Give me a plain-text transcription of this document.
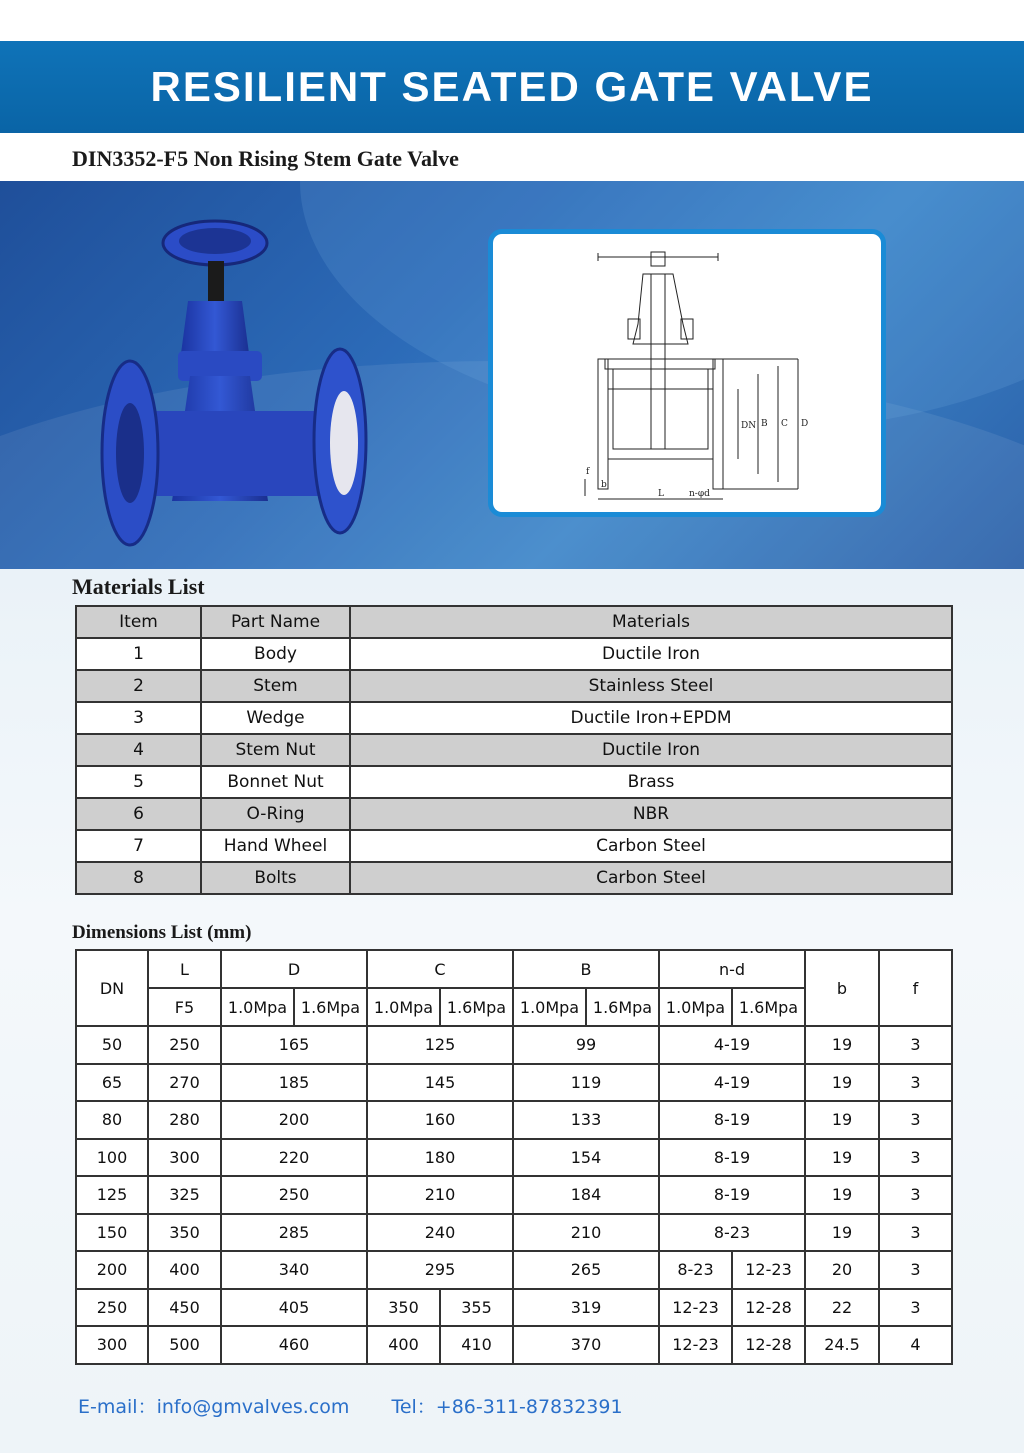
RESILIENT SEATED GATE VALVE
DIN3352-F5 Non Rising Stem Gate Valve
DN B C D
L	n-φd
f
b
Materials List
Item	Part Name	Materials
1	Body	Ductile Iron
2	Stem	Stainless Steel
3	Wedge	Ductile Iron+EPDM
4	Stem Nut	Ductile Iron
5	Bonnet Nut	Brass
6	O-Ring	NBR
7	Hand Wheel	Carbon Steel
8	Bolts	Carbon Steel
Dimensions List (mm)
DN	L	D		C		B		n-d		b	f
	F5	1.0Mpa	1.6Mpa	1.0Mpa	1.6Mpa	1.0Mpa	1.6Mpa	1.0Mpa	1.6Mpa		
50	250	165		125		99		4-19		19	3
65	270	185		145		119		4-19		19	3
80	280	200		160		133		8-19		19	3
100	300	220		180		154		8-19		19	3
125	325	250		210		184		8-19		19	3
150	350	285		240		210		8-23		19	3
200	400	340		295		265		8-23	12-23	20	3
250	450	405		350	355	319		12-23	12-28	22	3
300	500	460		400	410	370		12-23	12-28	24.5	4
E-mail：info@gmvalves.com Tel：+86-311-87832391
